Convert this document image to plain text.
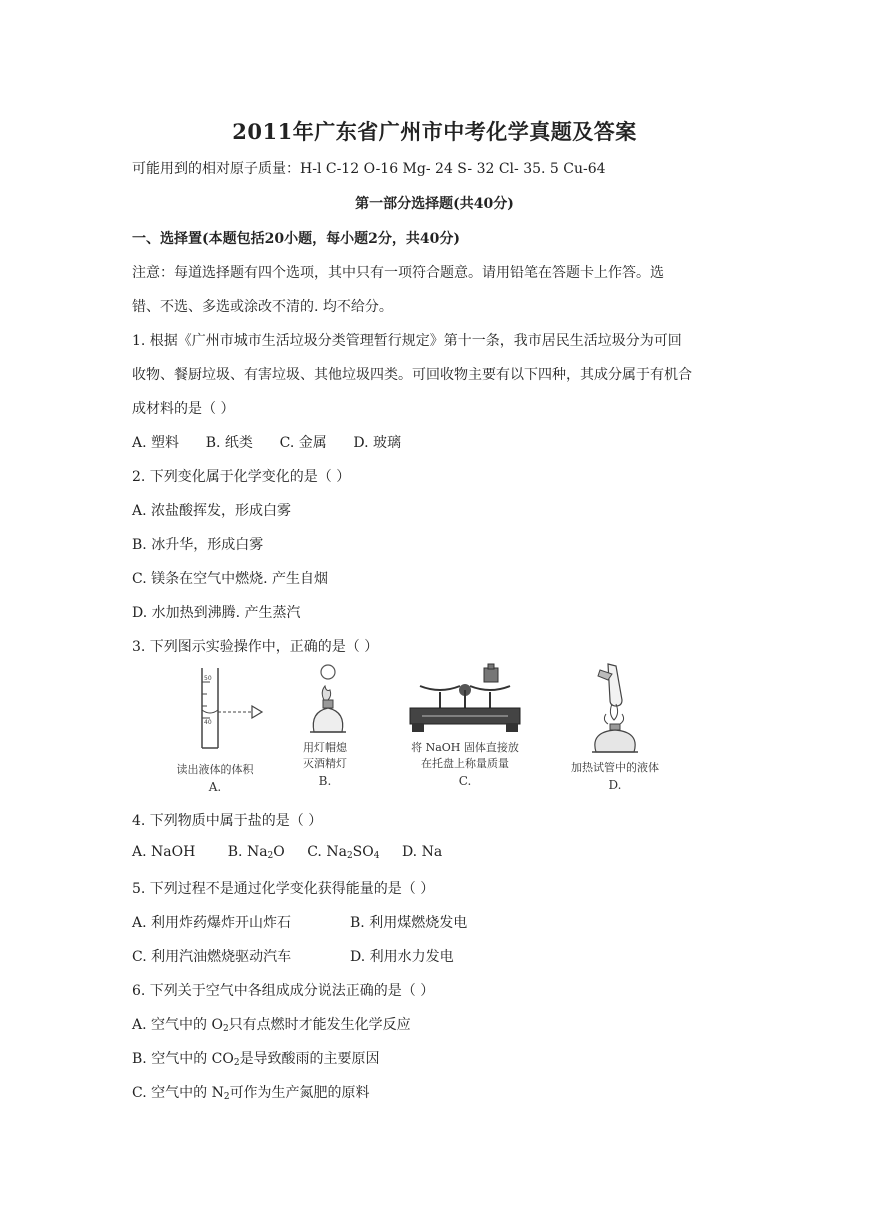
2011年广东省广州市中考化学真题及答案
可能用到的相对原子质量：H-l C-12 O-16 Mg- 24 S- 32 Cl- 35. 5 Cu-64
第一部分选择题(共40分)
一、选择置(本题包括20小题，每小题2分，共40分)
注意：每道选择题有四个选项，其中只有一项符合题意。请用铅笔在答题卡上作答。选
错、不选、多选或涂改不清的. 均不给分。
1. 根据《广州市城市生活垃圾分类管理暂行规定》第十一条，我市居民生活垃圾分为可回
收物、餐厨垃圾、有害垃圾、其他垃圾四类。可回收物主要有以下四种，其成分属于有机合
成材料的是（ ）
A. 塑料      B. 纸类      C. 金属      D. 玻璃
2. 下列变化属于化学变化的是（ ）
A. 浓盐酸挥发，形成白雾
B. 冰升华，形成白雾
C. 镁条在空气中燃烧. 产生自烟
D. 水加热到沸腾. 产生蒸汽
3. 下列图示实验操作中，正确的是（ ）
50
40
读出液体的体积
A.
用灯帽熄
灭酒精灯
B.
将 NaOH 固体直接放
在托盘上称量质量
C.
加热试管中的液体
D.
4. 下列物质中属于盐的是（ ）
A. NaOH B. $Na_2O$ C. $Na_2SO_4$ D. Na
5. 下列过程不是通过化学变化获得能量的是（ ）
A. 利用炸药爆炸开山炸石	B. 利用煤燃烧发电
C. 利用汽油燃烧驱动汽车	D. 利用水力发电
6. 下列关于空气中各组成成分说法正确的是（ ）
A. 空气中的 $O_2$只有点燃时才能发生化学反应
B. 空气中的 $CO_2$是导致酸雨的主要原因
C. 空气中的 $N_2$可作为生产氮肥的原料
